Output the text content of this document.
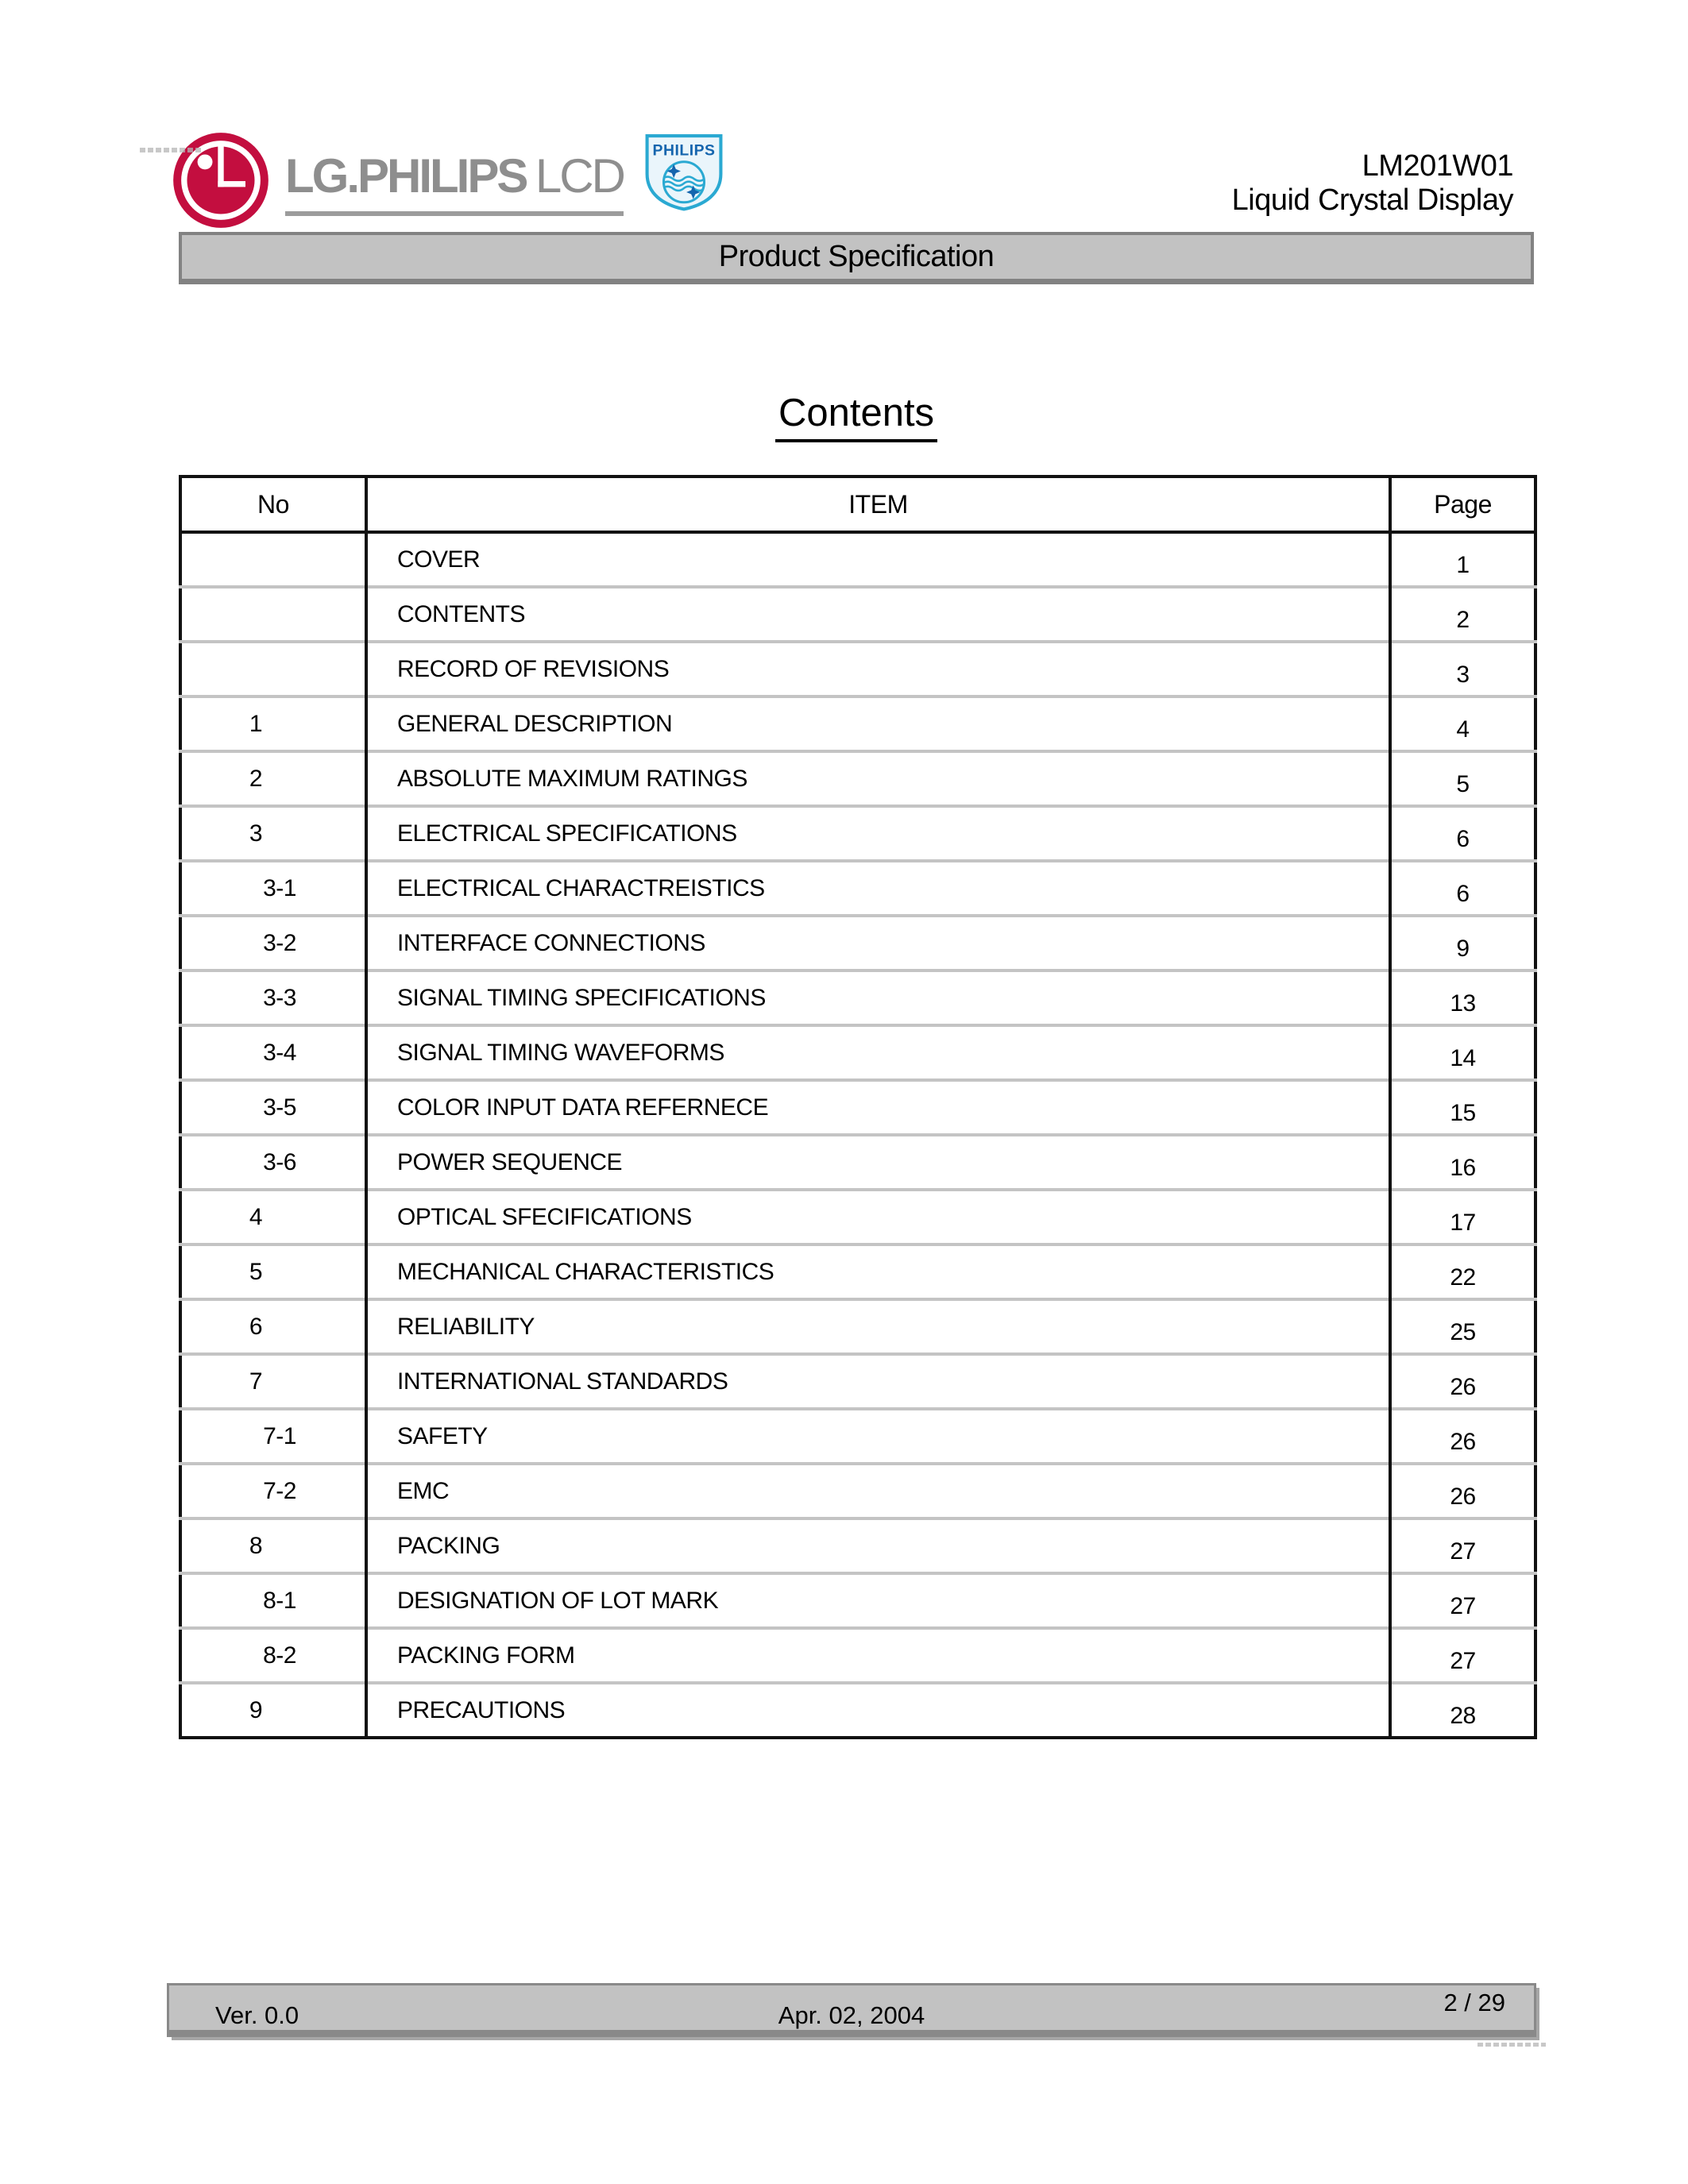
LG.PHILIPS LCD PHILIPS	LM201W01
Liquid Crystal Display
Product Specification
Contents
No	ITEM	Page
	COVER	1
	CONTENTS	2
	RECORD OF REVISIONS	3
1	GENERAL DESCRIPTION	4
2	ABSOLUTE MAXIMUM RATINGS	5
3	ELECTRICAL SPECIFICATIONS	6
3-1	ELECTRICAL CHARACTREISTICS	6
3-2	INTERFACE CONNECTIONS	9
3-3	SIGNAL TIMING SPECIFICATIONS	13
3-4	SIGNAL TIMING WAVEFORMS	14
3-5	COLOR INPUT DATA REFERNECE	15
3-6	POWER SEQUENCE	16
4	OPTICAL SFECIFICATIONS	17
5	MECHANICAL CHARACTERISTICS	22
6	RELIABILITY	25
7	INTERNATIONAL STANDARDS	26
7-1	SAFETY	26
7-2	EMC	26
8	PACKING	27
8-1	DESIGNATION OF LOT MARK	27
8-2	PACKING FORM	27
9	PRECAUTIONS	28
Ver. 0.0	Apr. 02, 2004	2 / 29
